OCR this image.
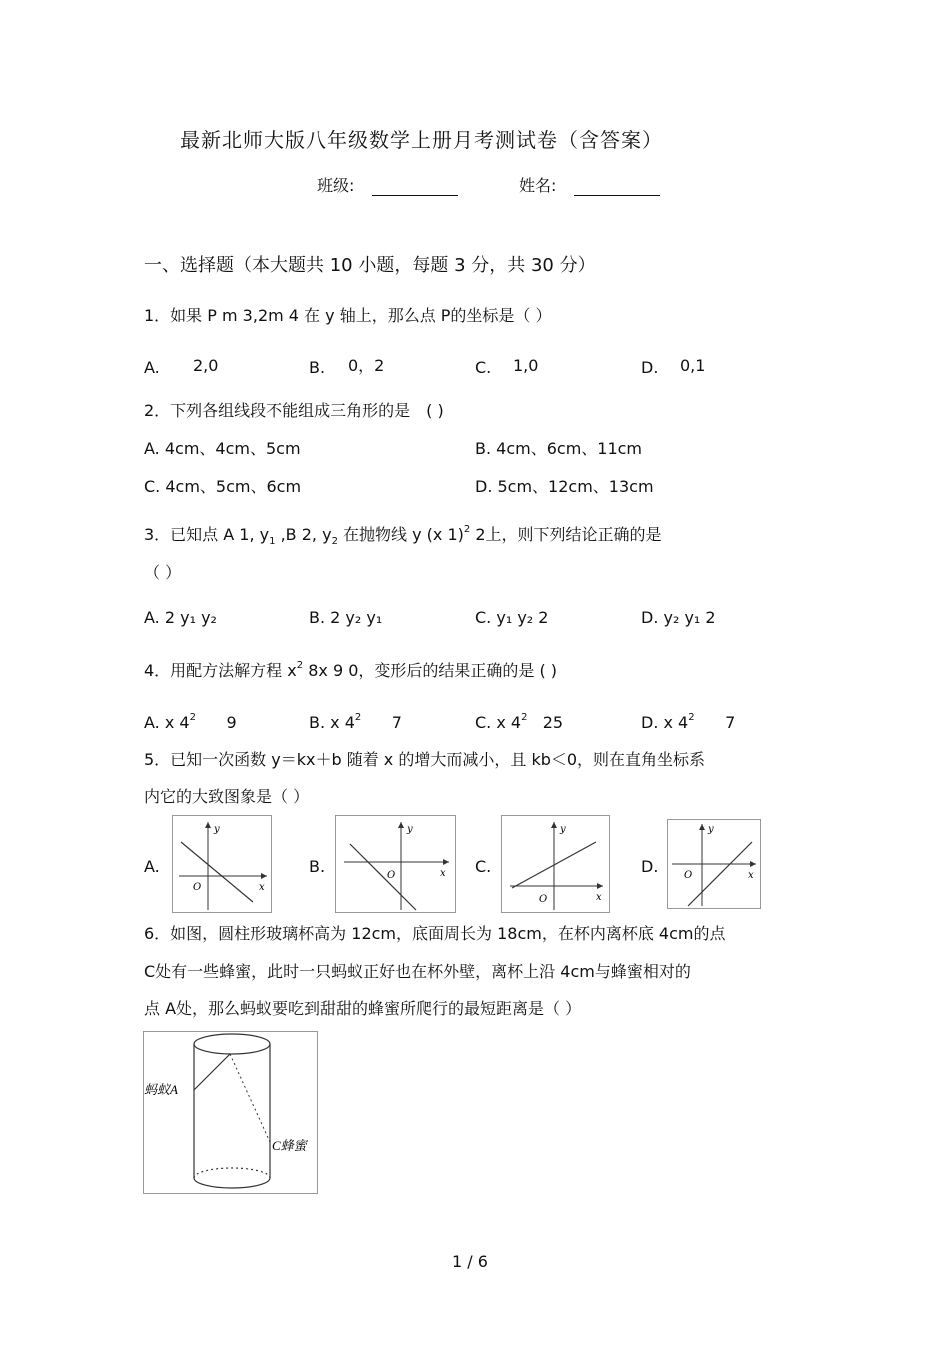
最新北师大版八年级数学上册月考测试卷（含答案）
班级:	姓名:
一、选择题（本大题共 10 小题，每题 3 分，共 30 分）
1．如果 P m 3,2m 4 在 y 轴上，那么点 P的坐标是（ ）
A. 2,0	B. 0，2	C. 1,0	D. 0,1
2．下列各组线段不能组成三角形的是　( )
A. 4cm、4cm、5cm	B. 4cm、6cm、11cm
C. 4cm、5cm、6cm	D. 5cm、12cm、13cm
3．已知点 A 1, $y_1$ ,B 2, $y_2$ 在抛物线 y (x 1)$^2$ 2上，则下列结论正确的是
（ ）
A. 2 y₁ y₂	B. 2 y₂ y₁	C. y₁ y₂ 2	D. y₂ y₁ 2
4．用配方法解方程 $x^2$ 8x 9 0，变形后的结果正确的是 ( )
A. x $4^2$ 9	B. x $4^2$ 7	C. x $4^2$ 25	D. x $4^2$ 7
5．已知一次函数 y＝kx＋b 随着 x 的增大而减小，且 kb＜0，则在直角坐标系
内它的大致图象是（ ）
A.
x
y
O
B.	x
y
O	C.
x
y
O
D.	x
y
O
6．如图，圆柱形玻璃杯高为 12cm，底面周长为 18cm，在杯内离杯底 4cm的点
C处有一些蜂蜜，此时一只蚂蚁正好也在杯外壁，离杯上沿 4cm与蜂蜜相对的
点 A处，那么蚂蚁要吃到甜甜的蜂蜜所爬行的最短距离是（ ）
蚂蚁A
C蜂蜜
1 / 6
